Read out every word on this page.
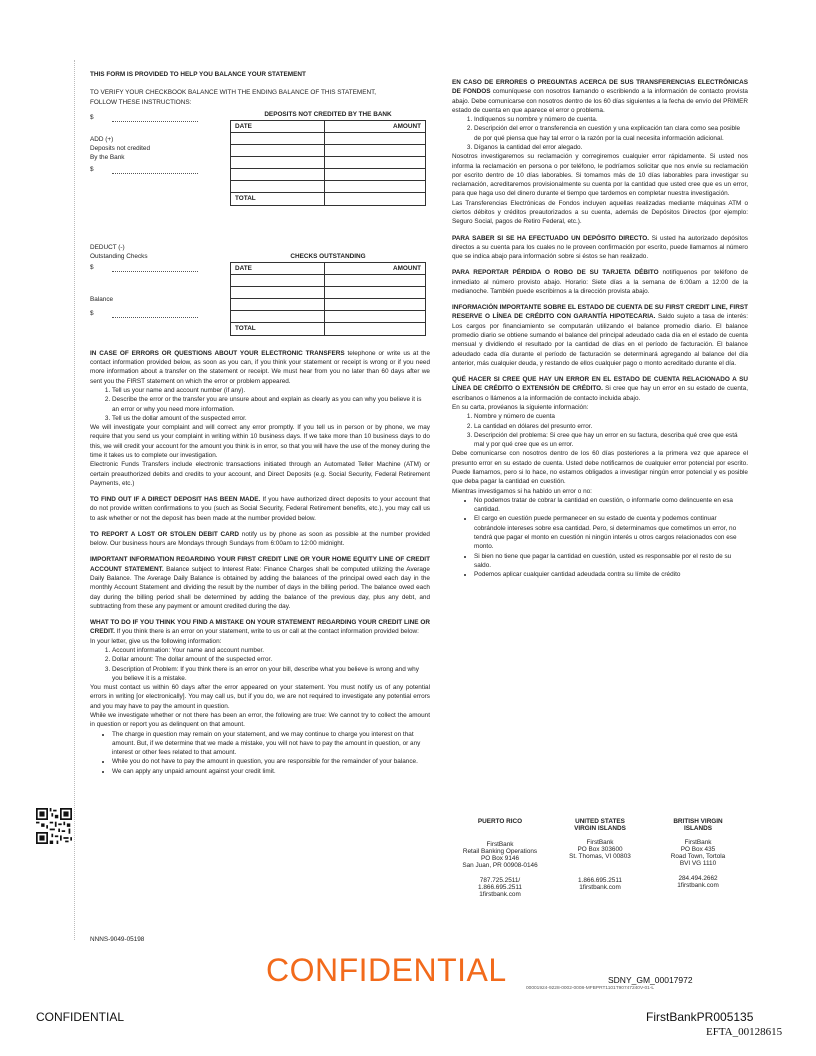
THIS FORM IS PROVIDED TO HELP YOU BALANCE YOUR STATEMENT

TO VERIFY YOUR CHECKBOOK BALANCE WITH THE ENDING BALANCE OF THIS STATEMENT,
FOLLOW THESE INSTRUCTIONS:

$
ADD (+)
Deposits not credited
By the Bank
$
DEPOSITS NOT CREDITED BY THE BANK	
DATE	AMOUNT

TOTAL	
DEDUCT (-)
Outstanding Checks
$
Balance
$
CHECKS OUTSTANDING	
DATE	AMOUNT

TOTAL	

IN CASE OF ERRORS OR QUESTIONS ABOUT YOUR ELECTRONIC TRANSFERS telephone or write us at the contact information provided below, as soon as you can, if you think your statement or receipt is wrong or if you need more information about a transfer on the statement or receipt. We must hear from you no later than 60 days after we sent you the FIRST statement on which the error or problem appeared.

1. Tell us your name and account number (if any).
2. Describe the error or the transfer you are unsure about and explain as clearly as you can why you believe it is an error or why you need more information.
3. Tell us the dollar amount of the suspected error.

We will investigate your complaint and will correct any error promptly. If you tell us in person or by phone, we may require that you send us your complaint in writing within 10 business days. If we take more than 10 business days to do this, we will credit your account for the amount you think is in error, so that you will have the use of the money during the time it takes us to complete our investigation.

Electronic Funds Transfers include electronic transactions initiated through an Automated Teller Machine (ATM) or certain preauthorized debits and credits to your account, and Direct Deposits (e.g. Social Security, Federal Retirement Payments, etc.)

TO FIND OUT IF A DIRECT DEPOSIT HAS BEEN MADE. If you have authorized direct deposits to your account that do not provide written confirmations to you (such as Social Security, Federal Retirement benefits, etc.), you may call us to ask whether or not the deposit has been made at the number provided below.

TO REPORT A LOST OR STOLEN DEBIT CARD notify us by phone as soon as possible at the number provided below. Our business hours are Mondays through Sundays from 6:00am to 12:00 midnight.

IMPORTANT INFORMATION REGARDING YOUR FIRST CREDIT LINE OR YOUR HOME EQUITY LINE OF CREDIT ACCOUNT STATEMENT. Balance subject to Interest Rate: Finance Charges shall be computed utilizing the Average Daily Balance. The Average Daily Balance is obtained by adding the balances of the principal owed each day in the monthly Account Statement and dividing the result by the number of days in the billing period. The balance owed each day during the billing period shall be determined by adding the balance of the previous day, plus any debt, and subtracting from these any payment or amount credited during the day.

WHAT TO DO IF YOU THINK YOU FIND A MISTAKE ON YOUR STATEMENT REGARDING YOUR CREDIT LINE OR CREDIT. If you think there is an error on your statement, write to us or call at the contact information provided below:

In your letter, give us the following information:

1. Account information: Your name and account number.
2. Dollar amount: The dollar amount of the suspected error.
3. Description of Problem: If you think there is an error on your bill, describe what you believe is wrong and why you believe it is a mistake.

You must contact us within 60 days after the error appeared on your statement. You must notify us of any potential errors in writing [or electronically]. You may call us, but if you do, we are not required to investigate any potential errors and you may have to pay the amount in question.

While we investigate whether or not there has been an error, the following are true: We cannot try to collect the amount in question or report you as delinquent on that amount.

• The charge in question may remain on your statement, and we may continue to charge you interest on that amount. But, if we determine that we made a mistake, you will not have to pay the amount in question, or any interest or other fees related to that amount.
• While you do not have to pay the amount in question, you are responsible for the remainder of your balance.
• We can apply any unpaid amount against your credit limit.

EN CASO DE ERRORES O PREGUNTAS ACERCA DE SUS TRANSFERENCIAS ELECTRÓNICAS DE FONDOS comuníquese con nosotros llamando o escribiendo a la información de contacto provista abajo. Debe comunicarse con nosotros dentro de los 60 días siguientes a la fecha de envío del PRIMER estado de cuenta en que aparece el error o problema.

1. Indíquenos su nombre y número de cuenta.
2. Descripción del error o transferencia en cuestión y una explicación tan clara como sea posible de por qué piensa que hay tal error o la razón por la cual necesita información adicional.
3. Díganos la cantidad del error alegado.

Nosotros investigaremos su reclamación y corregiremos cualquier error rápidamente. Si usted nos informa la reclamación en persona o por teléfono, le podríamos solicitar que nos envíe su reclamación por escrito dentro de 10 días laborables. Si tomamos más de 10 días laborables para investigar su reclamación, acreditaremos provisionalmente su cuenta por la cantidad que usted cree que es un error, para que haga uso del dinero durante el tiempo que tardemos en completar nuestra investigación.

Las Transferencias Electrónicas de Fondos incluyen aquellas realizadas mediante máquinas ATM o ciertos débitos y créditos preautorizados a su cuenta, además de Depósitos Directos (por ejemplo: Seguro Social, pagos de Retiro Federal, etc.).

PARA SABER SI SE HA EFECTUADO UN DEPÓSITO DIRECTO. Si usted ha autorizado depósitos directos a su cuenta para los cuales no le proveen confirmación por escrito, puede llamarnos al número que se indica abajo para información sobre si éstos se han realizado.

PARA REPORTAR PÉRDIDA O ROBO DE SU TARJETA DÉBITO notifíquenos por teléfono de inmediato al número provisto abajo. Horario: Siete días a la semana de 6:00am a 12:00 de la medianoche. También puede escribirnos a la dirección provista abajo.

INFORMACIÓN IMPORTANTE SOBRE EL ESTADO DE CUENTA DE SU FIRST CREDIT LINE, FIRST RESERVE O LÍNEA DE CRÉDITO CON GARANTÍA HIPOTECARIA. Saldo sujeto a tasa de interés: Los cargos por financiamiento se computarán utilizando el balance promedio diario. El balance promedio diario se obtiene sumando el balance del principal adeudado cada día en el estado de cuenta mensual y dividiendo el resultado por la cantidad de días en el período de facturación. El balance adeudado cada día durante el período de facturación se determinará agregando al balance del día anterior, más cualquier deuda, y restando de ellos cualquier pago o monto acreditado durante el día.

QUÉ HACER SI CREE QUE HAY UN ERROR EN EL ESTADO DE CUENTA RELACIONADO A SU LÍNEA DE CRÉDITO O EXTENSIÓN DE CRÉDITO. Si cree que hay un error en su estado de cuenta, escríbanos o llámenos a la información de contacto incluida abajo.

En su carta, provéanos la siguiente información:

1. Nombre y número de cuenta
2. La cantidad en dólares del presunto error.
3. Descripción del problema: Si cree que hay un error en su factura, describa qué cree que está mal y por qué cree que es un error.

Debe comunicarse con nosotros dentro de los 60 días posteriores a la primera vez que aparece el presunto error en su estado de cuenta. Usted debe notificarnos de cualquier error potencial por escrito. Puede llamarnos, pero si lo hace, no estamos obligados a investigar ningún error potencial y es posible que deba pagar la cantidad en cuestión.

Mientras investigamos si ha habido un error o no:

• No podemos tratar de cobrar la cantidad en cuestión, o informarle como delincuente en esa cantidad.
• El cargo en cuestión puede permanecer en su estado de cuenta y podemos continuar cobrándole intereses sobre esa cantidad. Pero, si determinamos que cometimos un error, no tendrá que pagar el monto en cuestión ni ningún interés u otros cargos relacionados con ese monto.
• Si bien no tiene que pagar la cantidad en cuestión, usted es responsable por el resto de su saldo.
• Podemos aplicar cualquier cantidad adeudada contra su límite de crédito
PUERTO RICO
FirstBank
Retail Banking Operations
PO Box 9146
San Juan, PR 00908-0146
787.725.2511/
1.866.695.2511
1firstbank.com
UNITED STATES
VIRGIN ISLANDS
FirstBank
PO Box 303600
St. Thomas, VI 00803
1.866.695.2511
1firstbank.com
BRITISH VIRGIN
ISLANDS
FirstBank
PO Box 435
Road Town, Tortola
BVI VG 1110
284.494.2662
1firstbank.com
NNNS-9049-05198
CONFIDENTIAL	SDNY_GM_00017972
00001924-9228-0002-0008-MFBPRT1101T90747240V-01-L
CONFIDENTIAL	FirstBankPR005135
EFTA_00128615
